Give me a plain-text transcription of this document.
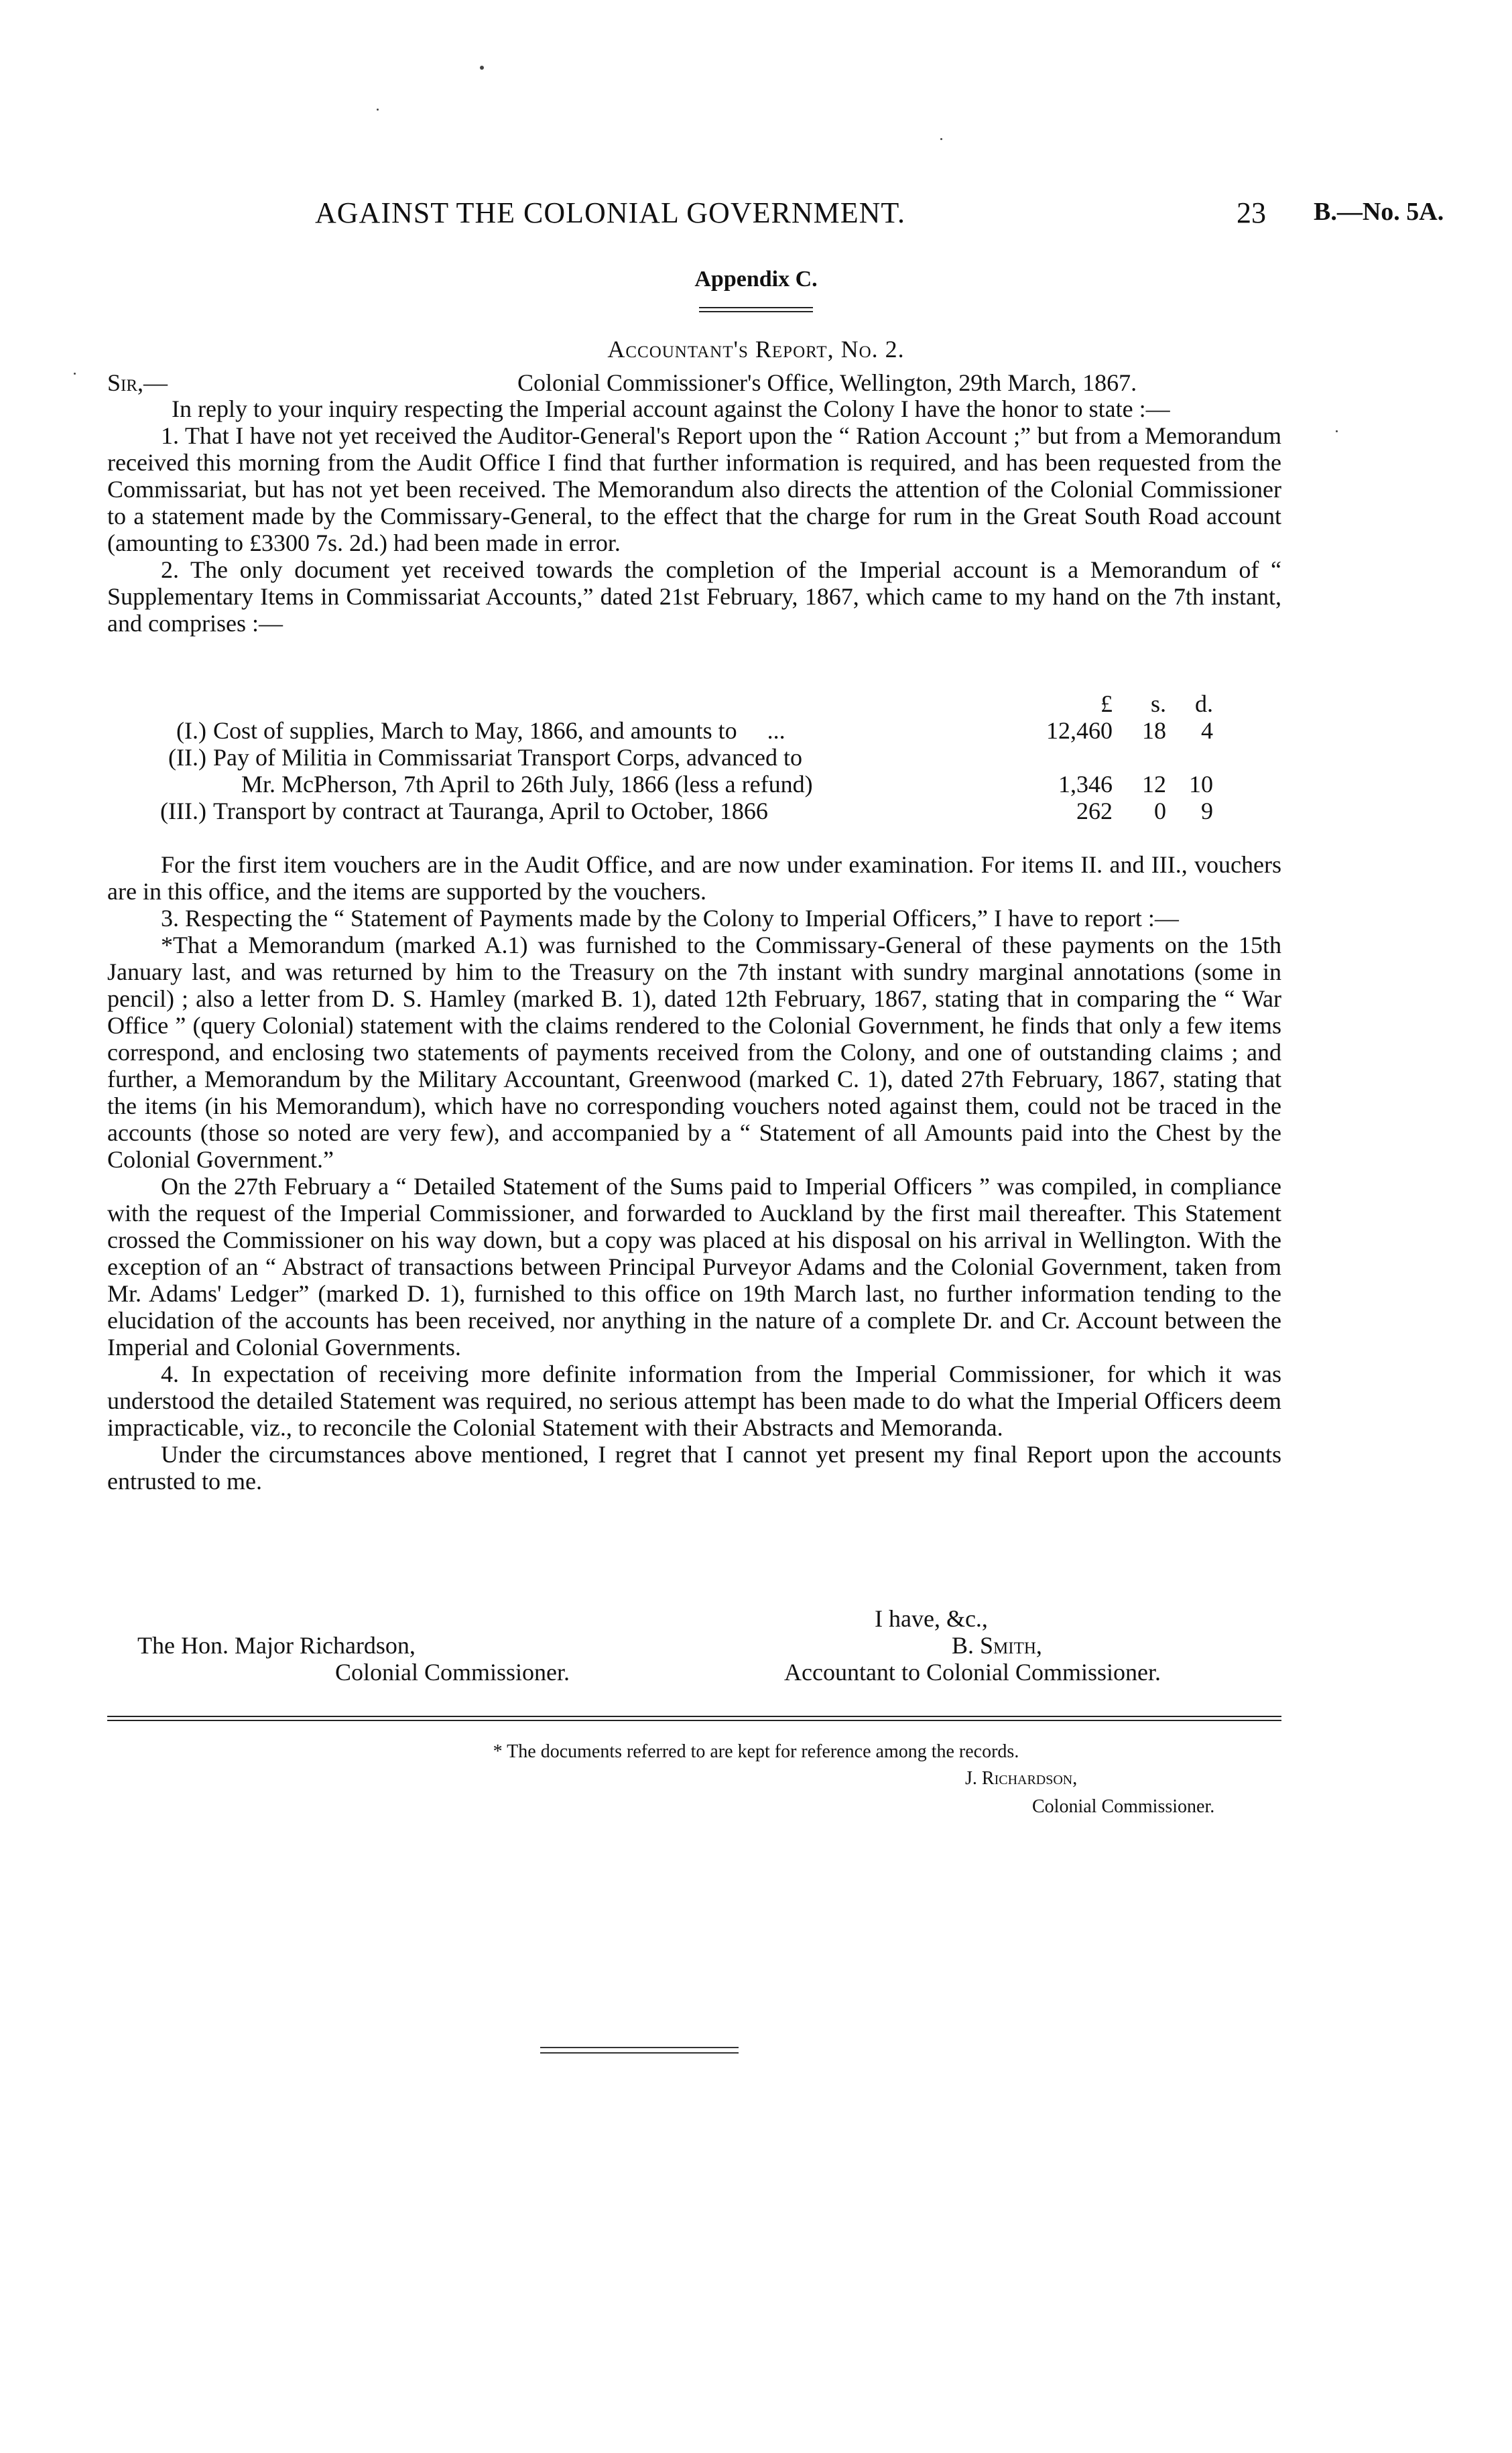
AGAINST THE COLONIAL GOVERNMENT.	23 B.—No. 5A.
Appendix C.
Accountant's Report, No. 2.
Sir,—	Colonial Commissioner's Office, Wellington, 29th March, 1867.

In reply to your inquiry respecting the Imperial account against the Colony I have the honor to state :—

1. That I have not yet received the Auditor-General's Report upon the “ Ration Account ;” but from a Memorandum received this morning from the Audit Office I find that further information is required, and has been requested from the Commissariat, but has not yet been received. The Memorandum also directs the attention of the Colonial Commissioner to a statement made by the Commissary-General, to the effect that the charge for rum in the Great South Road account (amounting to £3300 7s. 2d.) had been made in error.

2. The only document yet received towards the completion of the Imperial account is a Memorandum of “ Supplementary Items in Commissariat Accounts,” dated 21st February, 1867, which came to my hand on the 7th instant, and comprises :—

£	s.	d.
(I.) Cost of supplies, March to May, 1866, and amounts to     ...	12,460	18	4
(II.) Pay of Militia in Commissariat Transport Corps, advanced to
Mr. McPherson, 7th April to 26th July, 1866 (less a refund)	1,346	12 10
(III.) Transport by contract at Tauranga, April to October, 1866	262	0	9

For the first item vouchers are in the Audit Office, and are now under examination. For items II. and III., vouchers are in this office, and the items are supported by the vouchers.

3. Respecting the “ Statement of Payments made by the Colony to Imperial Officers,” I have to report :—

*That a Memorandum (marked A.1) was furnished to the Commissary-General of these payments on the 15th January last, and was returned by him to the Treasury on the 7th instant with sundry marginal annotations (some in pencil) ; also a letter from D. S. Hamley (marked B. 1), dated 12th February, 1867, stating that in comparing the “ War Office ” (query Colonial) statement with the claims rendered to the Colonial Government, he finds that only a few items correspond, and enclosing two statements of payments received from the Colony, and one of outstanding claims ; and further, a Memorandum by the Military Accountant, Greenwood (marked C. 1), dated 27th February, 1867, stating that the items (in his Memorandum), which have no corresponding vouchers noted against them, could not be traced in the accounts (those so noted are very few), and accompanied by a “ Statement of all Amounts paid into the Chest by the Colonial Government.”

On the 27th February a “ Detailed Statement of the Sums paid to Imperial Officers ” was compiled, in compliance with the request of the Imperial Commissioner, and forwarded to Auckland by the first mail thereafter. This Statement crossed the Commissioner on his way down, but a copy was placed at his disposal on his arrival in Wellington. With the exception of an “ Abstract of transactions between Principal Purveyor Adams and the Colonial Government, taken from Mr. Adams' Ledger” (marked D. 1), furnished to this office on 19th March last, no further information tending to the elucidation of the accounts has been received, nor anything in the nature of a complete Dr. and Cr. Account between the Imperial and Colonial Governments.

4. In expectation of receiving more definite information from the Imperial Commissioner, for which it was understood the detailed Statement was required, no serious attempt has been made to do what the Imperial Officers deem impracticable, viz., to reconcile the Colonial Statement with their Abstracts and Memoranda.

Under the circumstances above mentioned, I regret that I cannot yet present my final Report upon the accounts entrusted to me.

I have, &c.,
The Hon. Major Richardson,
Colonial Commissioner.
B. Smith,
Accountant to Colonial Commissioner.
* The documents referred to are kept for reference among the records.
J. Richardson,
Colonial Commissioner.
